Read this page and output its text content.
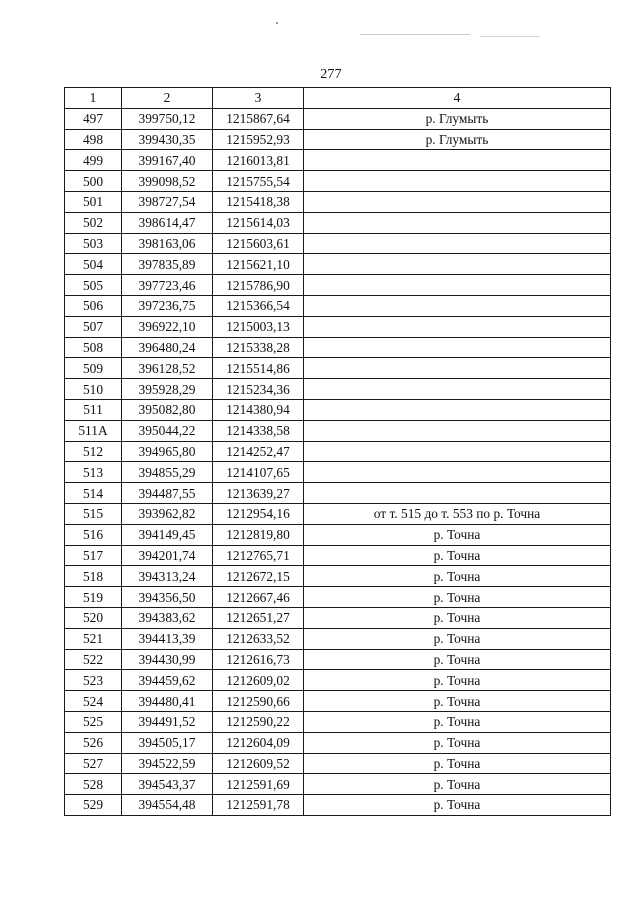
277
1	2	3	4
497	399750,12	1215867,64	р. Глумыть
498	399430,35	1215952,93	р. Глумыть
499	399167,40	1216013,81	
500	399098,52	1215755,54	
501	398727,54	1215418,38	
502	398614,47	1215614,03	
503	398163,06	1215603,61	
504	397835,89	1215621,10	
505	397723,46	1215786,90	
506	397236,75	1215366,54	
507	396922,10	1215003,13	
508	396480,24	1215338,28	
509	396128,52	1215514,86	
510	395928,29	1215234,36	
511	395082,80	1214380,94	
511А	395044,22	1214338,58	
512	394965,80	1214252,47	
513	394855,29	1214107,65	
514	394487,55	1213639,27	
515	393962,82	1212954,16	от т. 515 до т. 553 по р. Точна
516	394149,45	1212819,80	р. Точна
517	394201,74	1212765,71	р. Точна
518	394313,24	1212672,15	р. Точна
519	394356,50	1212667,46	р. Точна
520	394383,62	1212651,27	р. Точна
521	394413,39	1212633,52	р. Точна
522	394430,99	1212616,73	р. Точна
523	394459,62	1212609,02	р. Точна
524	394480,41	1212590,66	р. Точна
525	394491,52	1212590,22	р. Точна
526	394505,17	1212604,09	р. Точна
527	394522,59	1212609,52	р. Точна
528	394543,37	1212591,69	р. Точна
529	394554,48	1212591,78	р. Точна
